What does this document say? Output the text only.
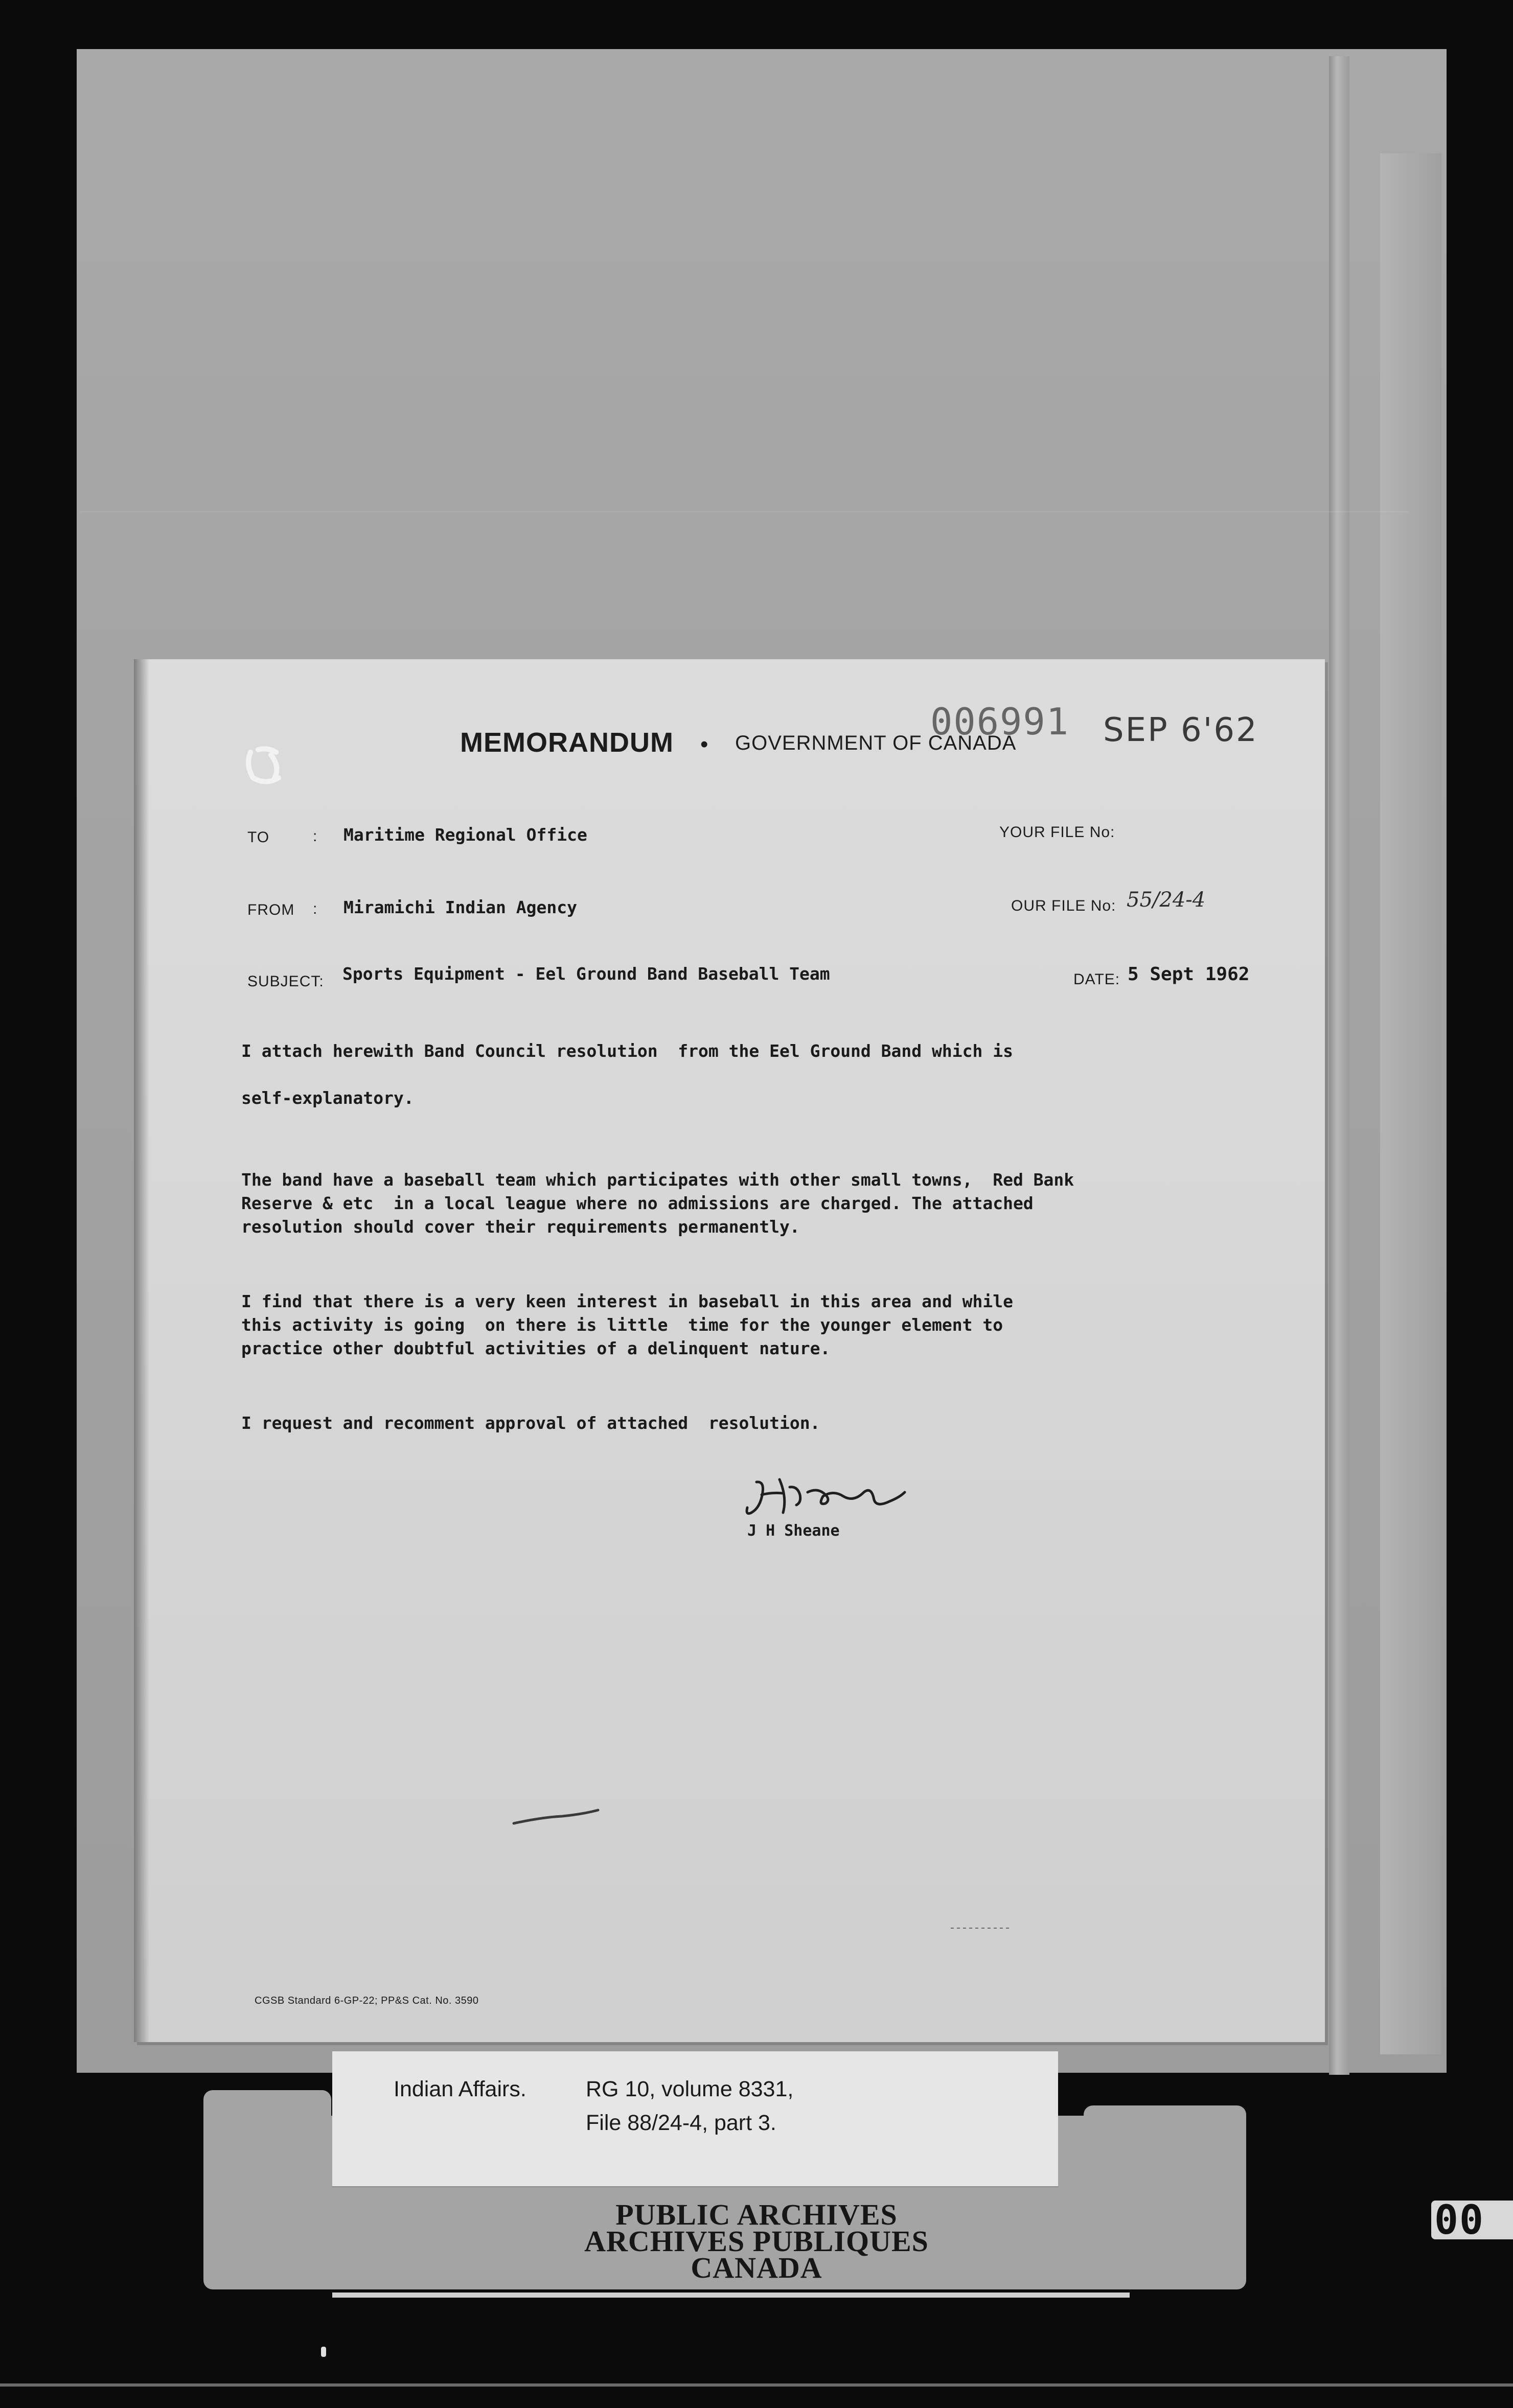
MEMORANDUM • GOVERNMENT OF CANADA
006991 SEP 6'62
TO	: Maritime Regional Office	YOUR FILE No:
FROM : Miramichi Indian Agency	OUR FILE No: 55/24-4
SUBJECT: Sports Equipment - Eel Ground Band Baseball Team	DATE: 5 Sept 1962
I attach herewith Band Council resolution  from the Eel Ground Band which is

self-explanatory.
The band have a baseball team which participates with other small towns,  Red Bank
Reserve & etc  in a local league where no admissions are charged. The attached
resolution should cover their requirements permanently.
I find that there is a very keen interest in baseball in this area and while
this activity is going  on there is little  time for the younger element to
practice other doubtful activities of a delinquent nature.
I request and recomment approval of attached  resolution.
J H Sheane
CGSB Standard 6-GP-22; PP&S Cat. No. 3590
Indian Affairs.	RG 10, volume 8331,
File 88/24-4, part 3.
PUBLIC ARCHIVES
ARCHIVES PUBLIQUES
CANADA
00
